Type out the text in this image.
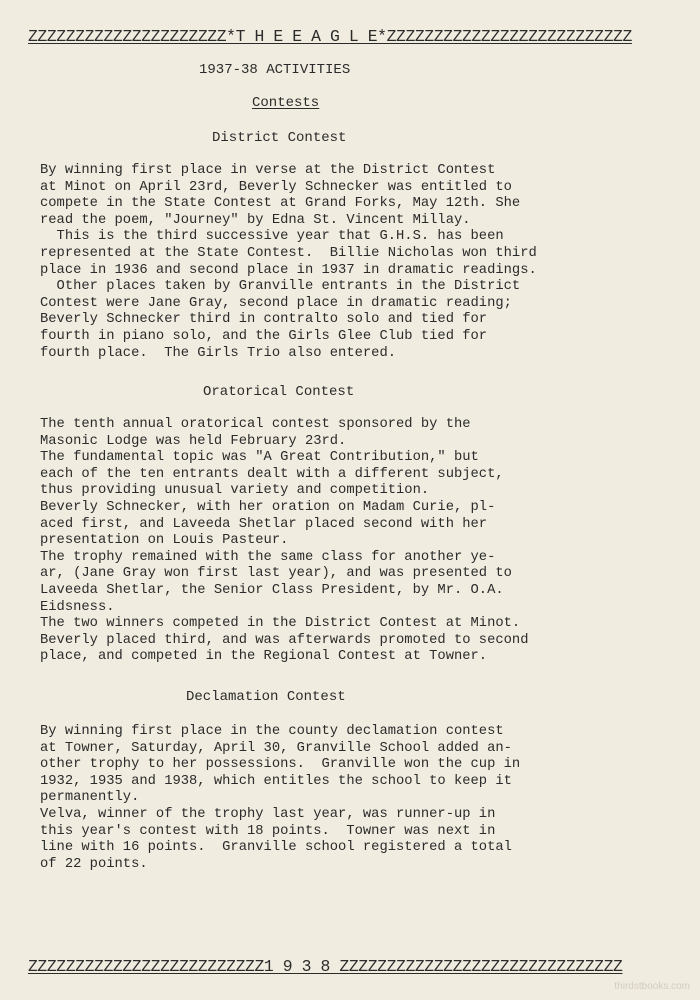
ZZZZZZZZZZZZZZZZZZZZZ*T H E E A G L E*ZZZZZZZZZZZZZZZZZZZZZZZZZZ
1937-38 ACTIVITIES
Contests
District Contest
By winning first place in verse at the District Contest
at Minot on April 23rd, Beverly Schnecker was entitled to
compete in the State Contest at Grand Forks, May 12th. She
read the poem, "Journey" by Edna St. Vincent Millay.
This is the third successive year that G.H.S. has been
represented at the State Contest.  Billie Nicholas won third
place in 1936 and second place in 1937 in dramatic readings.
Other places taken by Granville entrants in the District
Contest were Jane Gray, second place in dramatic reading;
Beverly Schnecker third in contralto solo and tied for
fourth in piano solo, and the Girls Glee Club tied for
fourth place.  The Girls Trio also entered.
Oratorical Contest
The tenth annual oratorical contest sponsored by the
Masonic Lodge was held February 23rd.
The fundamental topic was "A Great Contribution," but
each of the ten entrants dealt with a different subject,
thus providing unusual variety and competition.
Beverly Schnecker, with her oration on Madam Curie, pl-
aced first, and Laveeda Shetlar placed second with her
presentation on Louis Pasteur.
The trophy remained with the same class for another ye-
ar, (Jane Gray won first last year), and was presented to
Laveeda Shetlar, the Senior Class President, by Mr. O.A.
Eidsness.
The two winners competed in the District Contest at Minot.
Beverly placed third, and was afterwards promoted to second
place, and competed in the Regional Contest at Towner.
Declamation Contest
By winning first place in the county declamation contest
at Towner, Saturday, April 30, Granville School added an-
other trophy to her possessions.  Granville won the cup in
1932, 1935 and 1938, which entitles the school to keep it
permanently.
Velva, winner of the trophy last year, was runner-up in
this year's contest with 18 points.  Towner was next in
line with 16 points.  Granville school registered a total
of 22 points.
ZZZZZZZZZZZZZZZZZZZZZZZZZ1 9 3 8 ZZZZZZZZZZZZZZZZZZZZZZZZZZZZZZ
thirdstbooks.com
